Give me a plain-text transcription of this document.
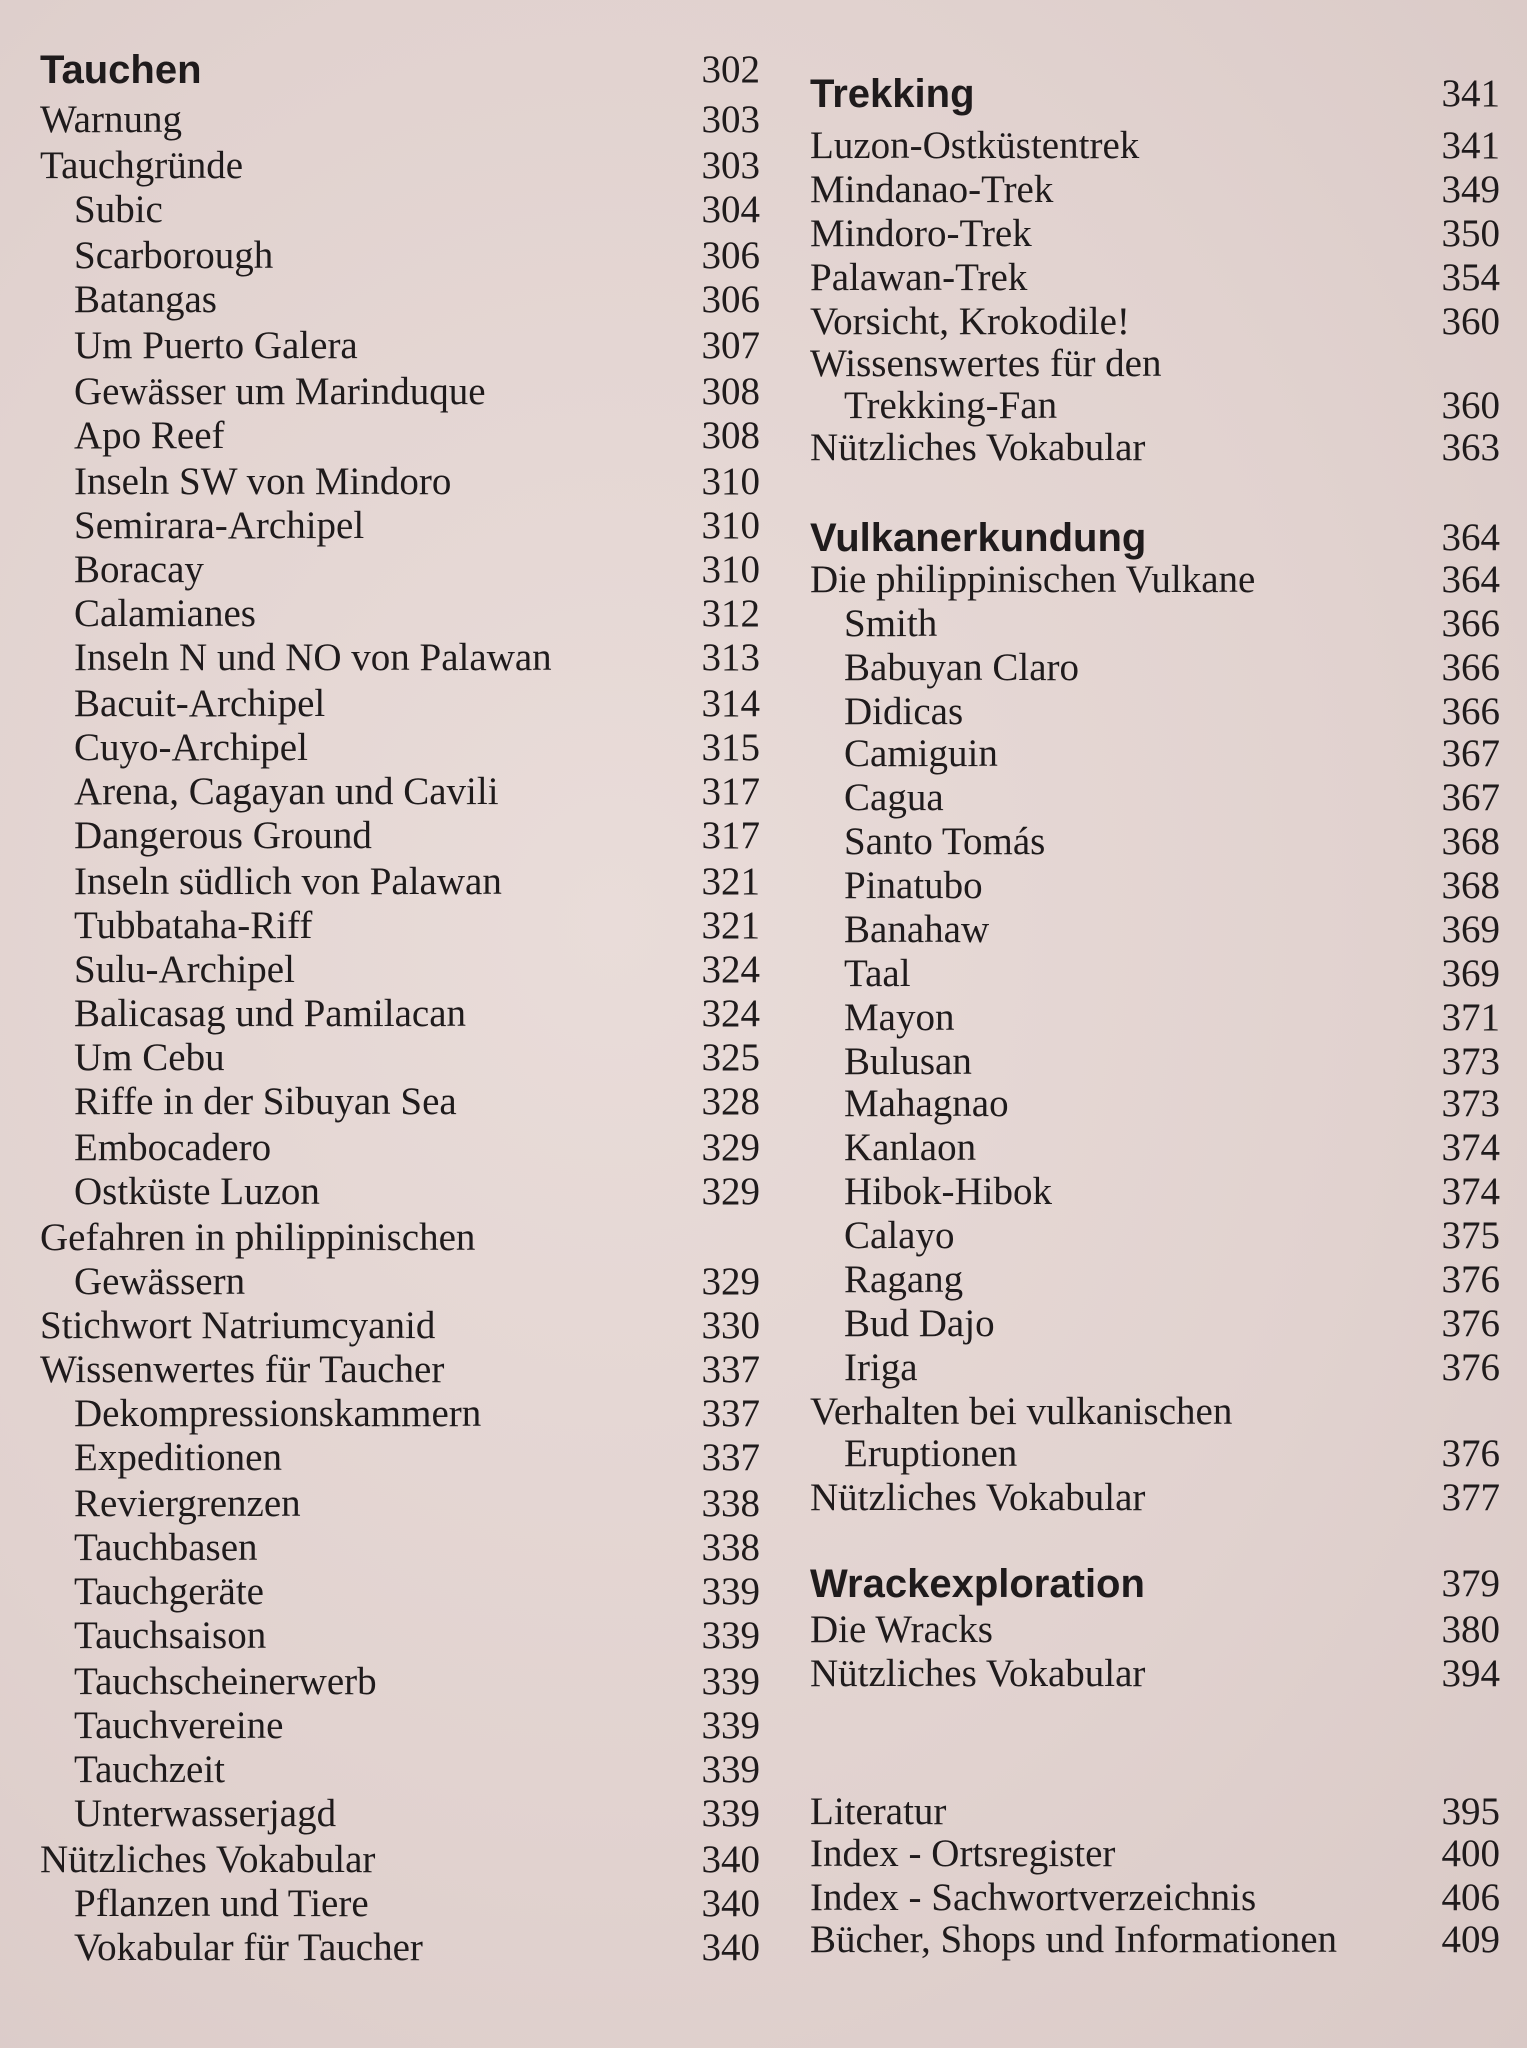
Tauchen	302
Warnung	303
Tauchgründe	303
Subic	304
Scarborough	306
Batangas	306
Um Puerto Galera	307
Gewässer um Marinduque	308
Apo Reef	308
Inseln SW von Mindoro	310
Semirara-Archipel	310
Boracay	310
Calamianes	312
Inseln N und NO von Palawan	313
Bacuit-Archipel	314
Cuyo-Archipel	315
Arena, Cagayan und Cavili	317
Dangerous Ground	317
Inseln südlich von Palawan	321
Tubbataha-Riff	321
Sulu-Archipel	324
Balicasag und Pamilacan	324
Um Cebu	325
Riffe in der Sibuyan Sea	328
Embocadero	329
Ostküste Luzon	329
Gefahren in philippinischen
Gewässern	329
Stichwort Natriumcyanid	330
Wissenwertes für Taucher	337
Dekompressionskammern	337
Expeditionen	337
Reviergrenzen	338
Tauchbasen	338
Tauchgeräte	339
Tauchsaison	339
Tauchscheinerwerb	339
Tauchvereine	339
Tauchzeit	339
Unterwasserjagd	339
Nützliches Vokabular	340
Pflanzen und Tiere	340
Vokabular für Taucher	340
Trekking	341
Luzon-Ostküstentrek	341
Mindanao-Trek	349
Mindoro-Trek	350
Palawan-Trek	354
Vorsicht, Krokodile!	360
Wissenswertes für den
Trekking-Fan	360
Nützliches Vokabular	363
Vulkanerkundung	364
Die philippinischen Vulkane	364
Smith	366
Babuyan Claro	366
Didicas	366
Camiguin	367
Cagua	367
Santo Tomás	368
Pinatubo	368
Banahaw	369
Taal	369
Mayon	371
Bulusan	373
Mahagnao	373
Kanlaon	374
Hibok-Hibok	374
Calayo	375
Ragang	376
Bud Dajo	376
Iriga	376
Verhalten bei vulkanischen
Eruptionen	376
Nützliches Vokabular	377
Wrackexploration	379
Die Wracks	380
Nützliches Vokabular	394
Literatur	395
Index - Ortsregister	400
Index - Sachwortverzeichnis	406
Bücher, Shops und Informationen	409
